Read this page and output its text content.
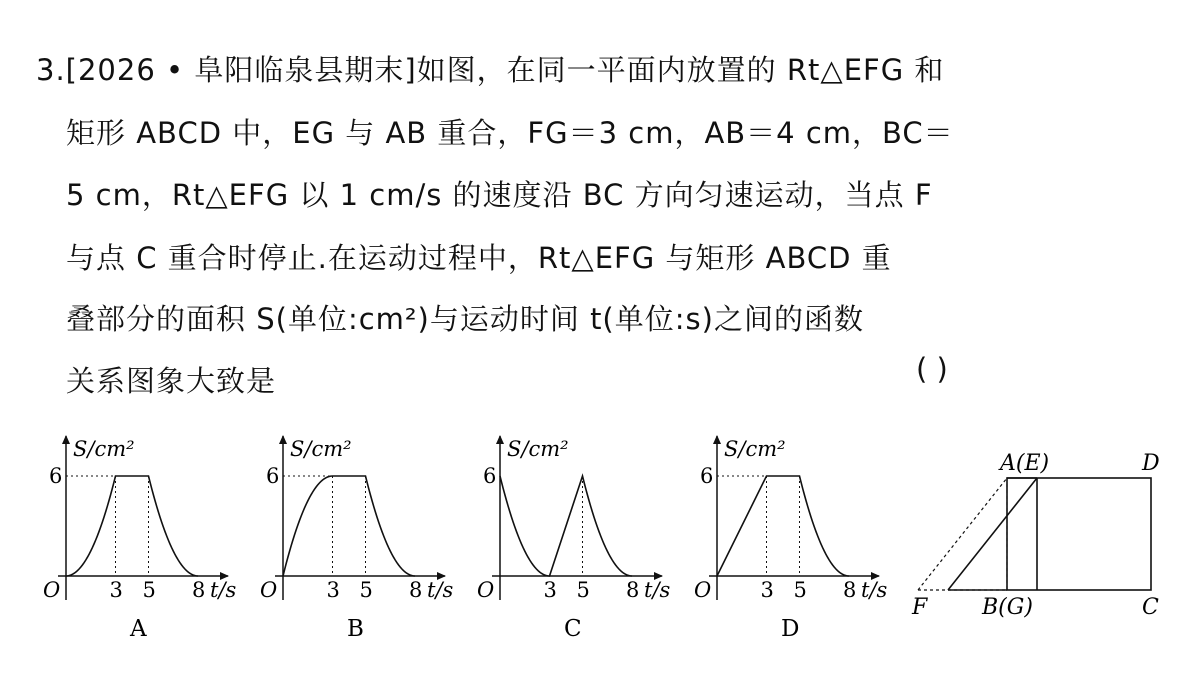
3.[2026 • 阜阳临泉县期末]如图，在同一平面内放置的 Rt△EFG 和
矩形 ABCD 中，EG 与 AB 重合，FG＝3 cm，AB＝4 cm，BC＝
5 cm，Rt△EFG 以 1 cm/s 的速度沿 BC 方向匀速运动，当点 F
与点 C 重合时停止.在运动过程中，Rt△EFG 与矩形 ABCD 重
叠部分的面积 S(单位:cm²)与运动时间 t(单位:s)之间的函数
关系图象大致是	( )
S/cm²
t/s
O
6
3 5 8
A
S/cm²
t/s
O
6
3 5 8
B
S/cm²
t/s
O
6
3 5 8
C
S/cm²
t/s
O
6
3 5 8
D
A(E)	D
F B(G)	C
